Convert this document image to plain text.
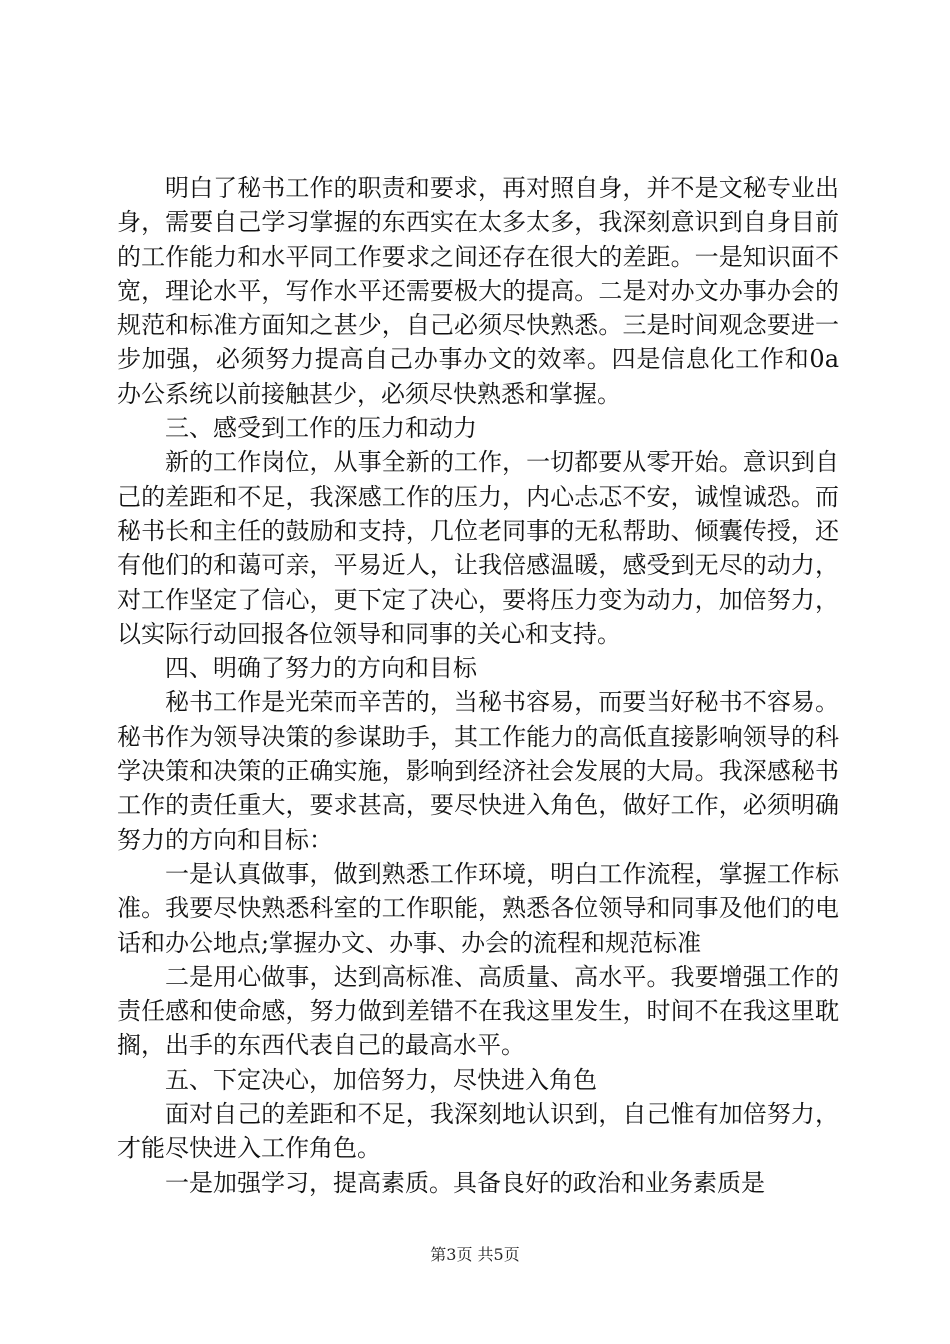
明白了秘书工作的职责和要求，再对照自身，并不是文秘专业出身，需要自己学习掌握的东西实在太多太多，我深刻意识到自身目前的工作能力和水平同工作要求之间还存在很大的差距。一是知识面不宽，理论水平，写作水平还需要极大的提高。二是对办文办事办会的规范和标准方面知之甚少，自己必须尽快熟悉。三是时间观念要进一步加强，必须努力提高自己办事办文的效率。四是信息化工作和0a办公系统以前接触甚少，必须尽快熟悉和掌握。

三、感受到工作的压力和动力

新的工作岗位，从事全新的工作，一切都要从零开始。意识到自己的差距和不足，我深感工作的压力，内心忐忑不安，诚惶诚恐。而秘书长和主任的鼓励和支持，几位老同事的无私帮助、倾囊传授，还有他们的和蔼可亲，平易近人，让我倍感温暖，感受到无尽的动力，对工作坚定了信心，更下定了决心，要将压力变为动力，加倍努力，以实际行动回报各位领导和同事的关心和支持。

四、明确了努力的方向和目标

秘书工作是光荣而辛苦的，当秘书容易，而要当好秘书不容易。秘书作为领导决策的参谋助手，其工作能力的高低直接影响领导的科学决策和决策的正确实施，影响到经济社会发展的大局。我深感秘书工作的责任重大，要求甚高，要尽快进入角色，做好工作，必须明确努力的方向和目标：

一是认真做事，做到熟悉工作环境，明白工作流程，掌握工作标准。我要尽快熟悉科室的工作职能，熟悉各位领导和同事及他们的电话和办公地点;掌握办文、办事、办会的流程和规范标准

二是用心做事，达到高标准、高质量、高水平。我要增强工作的责任感和使命感，努力做到差错不在我这里发生，时间不在我这里耽搁，出手的东西代表自己的最高水平。

五、下定决心，加倍努力，尽快进入角色

面对自己的差距和不足，我深刻地认识到，自己惟有加倍努力，才能尽快进入工作角色。

一是加强学习，提高素质。具备良好的政治和业务素质是

第3页 共5页
